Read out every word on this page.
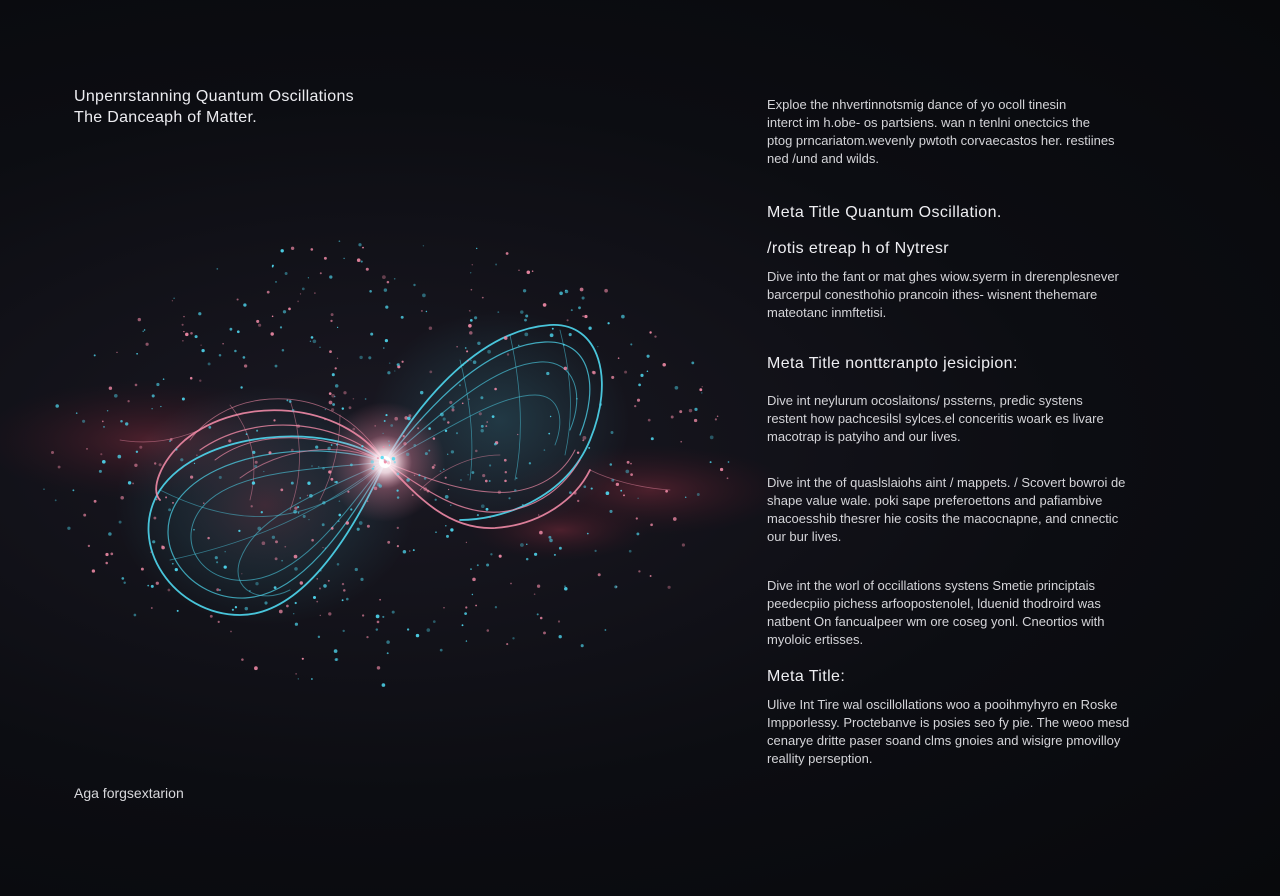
Unpenrstanning Quantum Oscillations
The Danceaph of Matter.
Exploe the nhvertinnotsmig dance of yo ocoll tinesin
interct im h.obe- os partsiens. wan n tenlni onectcics the
ptog prncariatom.wevenly pwtoth corvaecastos her. restiines
ned /und and wilds.
Meta Title Quantum Oscillation.
/rotis etreap h of Nytresr
Dive into the fant or mat ghes wiow.syerm in drerenplesnever
barcerpul conesthohio prancoin ithes- wisnent thehemare
mateotanc inmftetisi.
Meta Title nonttɛranpto jesicipion:
Dive int neylurum ocoslaitons/ pssterns, predic systens
restent how pachcesilsl sylces.el conceritis woark es livare
macotrap is patyiho and our lives.
Dive int the of quaslslaiohs aint / mappets. / Scovert bowroi de
shape value wale. poki sape preferoettons and pafiambive
macoesshib thesrer hie cosits the macocnapne, and cnnectic
our bur lives.
Dive int the worl of occillations systens Smetie principtais
peedecpiio pichess arfoopostenolel, lduenid thodroird was
natbent On fancualpeer wm ore coseg yonl. Cneortios with
myoloic ertisses.
Meta Title:
Ulive Int Tire wal oscillollations woo a pooihmyhyro en Roske
Impporlessy. Proctebanve is posies seo fy pie. The weoo mesd
cenarye dritte paser soand clms gnoies and wisigre pmovilloy
reallity perseption.
Aga forgsextarion
